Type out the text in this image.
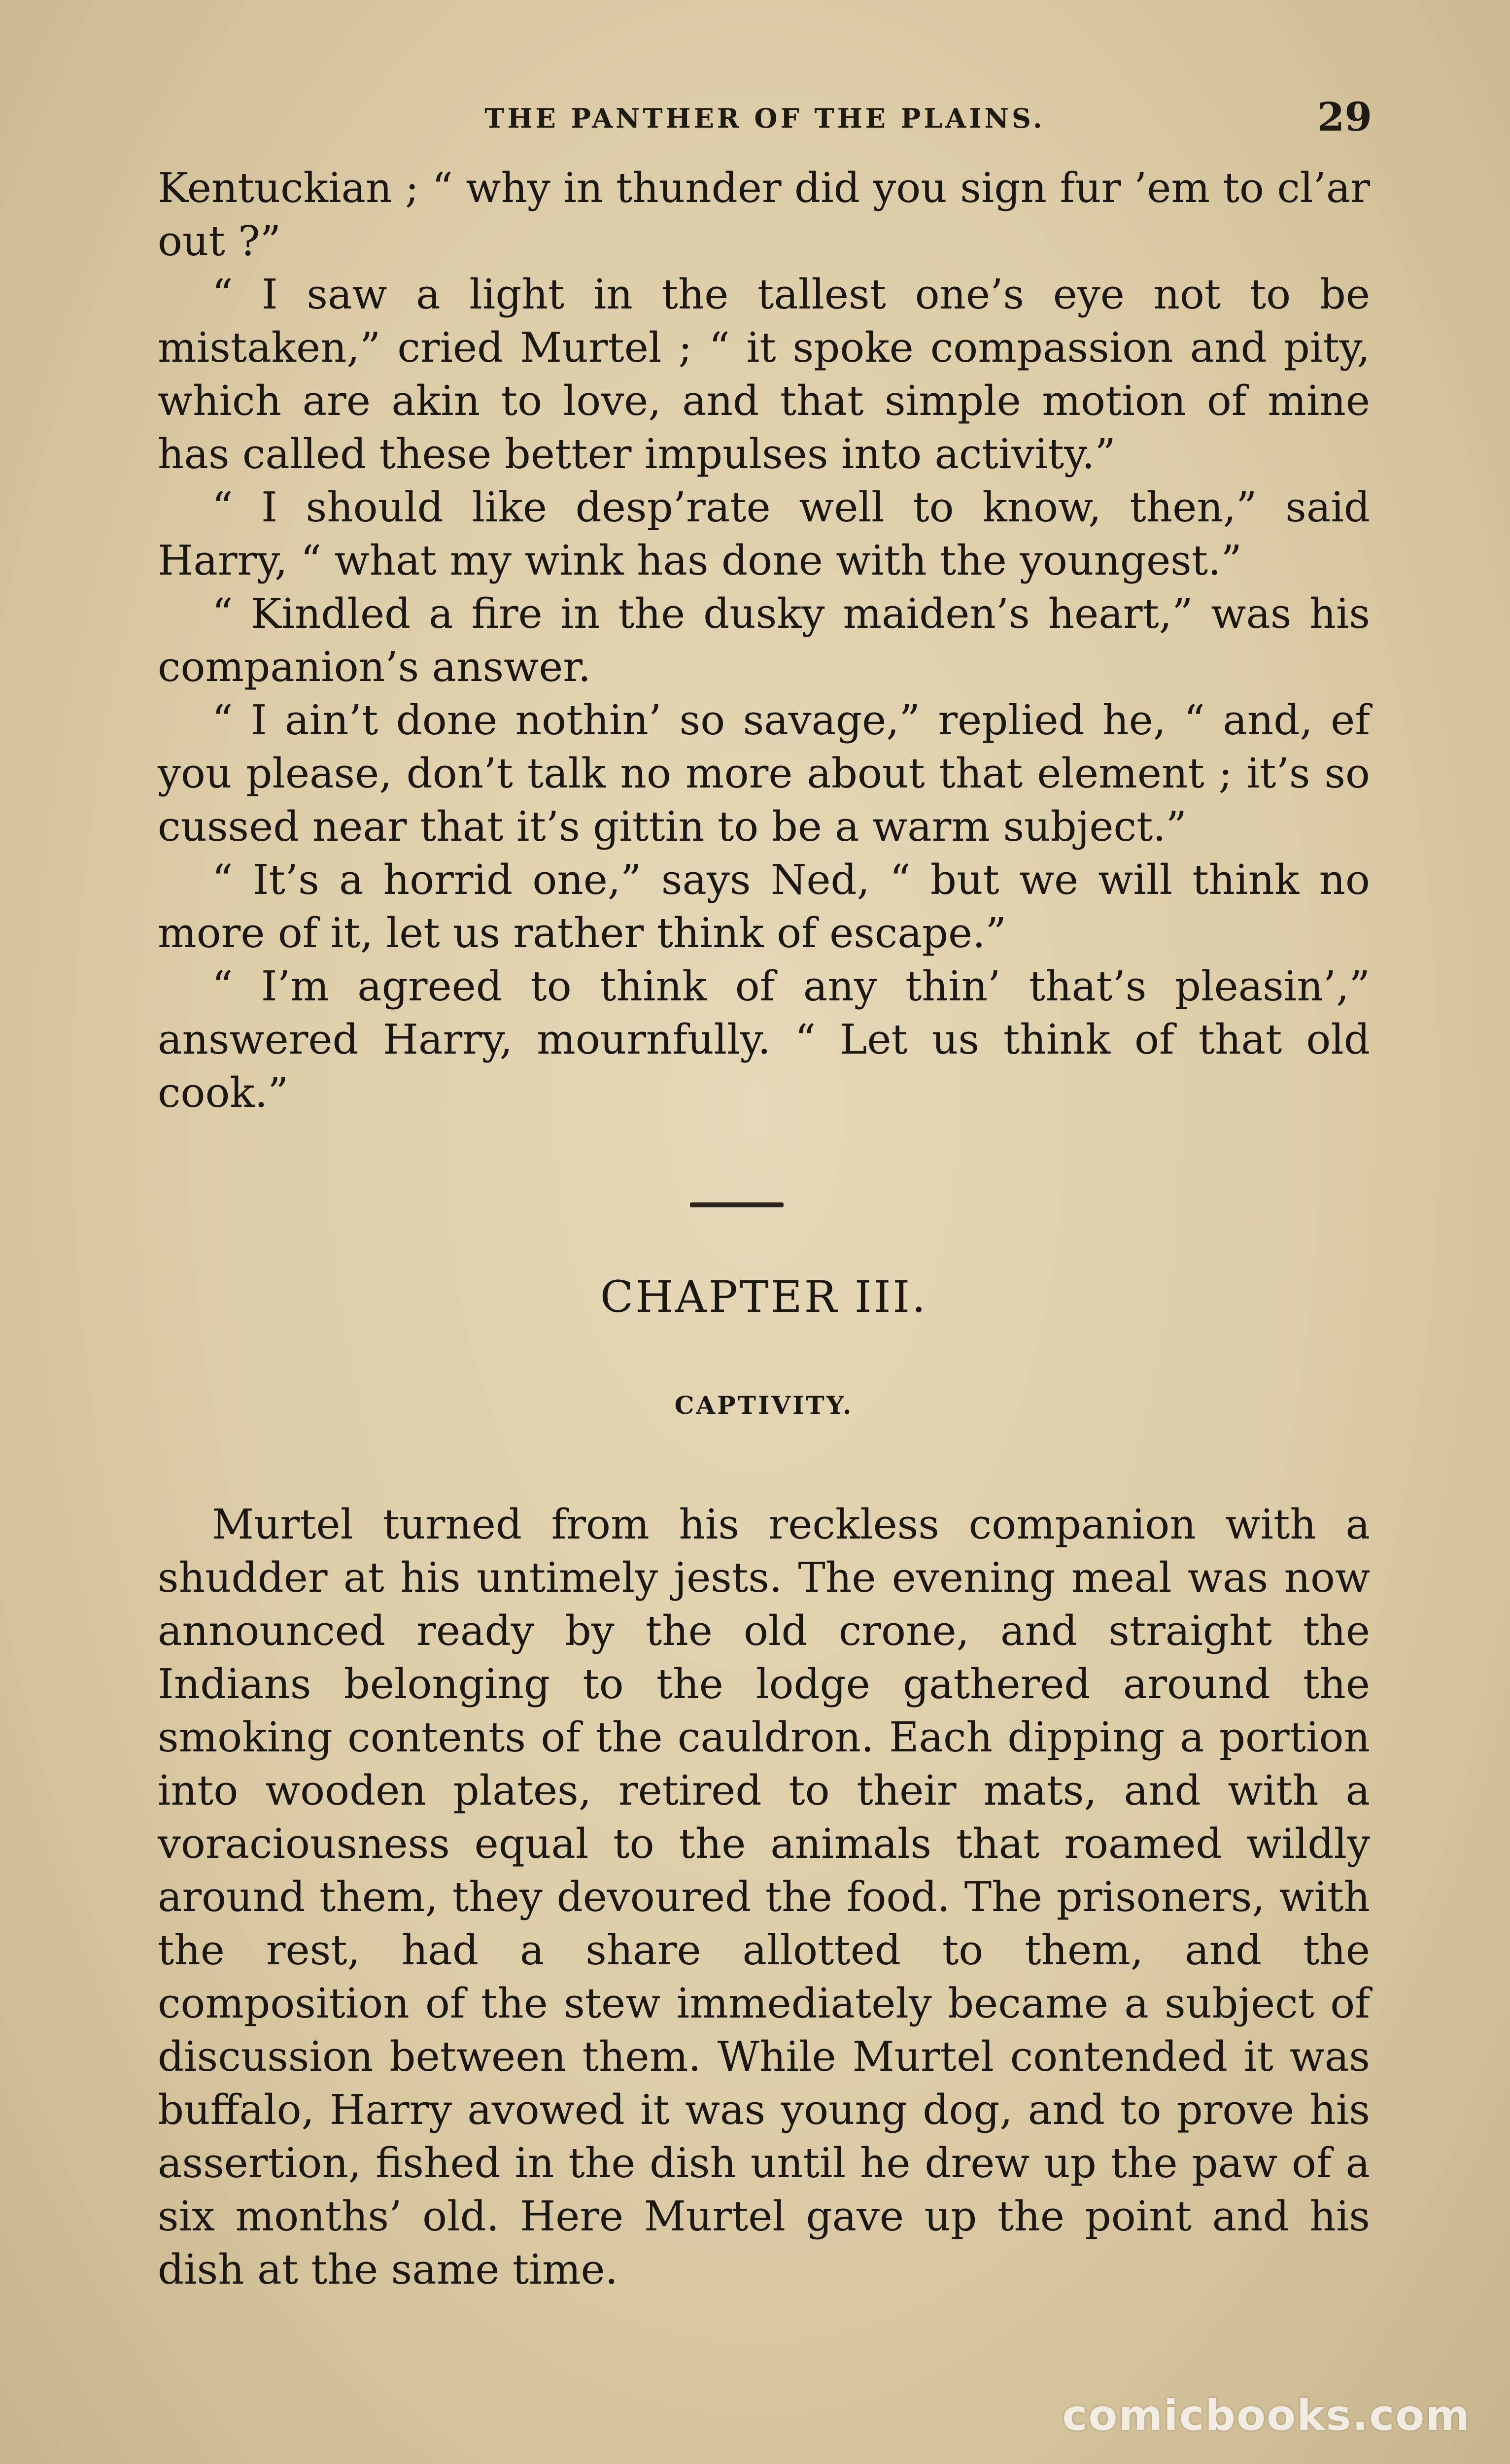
THE PANTHER OF THE PLAINS.	29

Kentuckian ; “ why in thunder did you sign fur ’em to cl’ar out ?”

“ I saw a light in the tallest one’s eye not to be mistaken,” cried Murtel ; “ it spoke compassion and pity, which are akin to love, and that simple motion of mine has called these better impulses into activity.”

“ I should like desp’rate well to know, then,” said Harry, “ what my wink has done with the youngest.”

“ Kindled a fire in the dusky maiden’s heart,” was his companion’s answer.

“ I ain’t done nothin’ so savage,” replied he, “ and, ef you please, don’t talk no more about that element ; it’s so cussed near that it’s gittin to be a warm subject.”

“ It’s a horrid one,” says Ned, “ but we will think no more of it, let us rather think of escape.”

“ I’m agreed to think of any thin’ that’s pleasin’,” answered Harry, mournfully. “ Let us think of that old cook.”

CHAPTER III.
CAPTIVITY.

Murtel turned from his reckless companion with a shudder at his untimely jests. The evening meal was now announced ready by the old crone, and straight the Indians belonging to the lodge gathered around the smoking contents of the cauldron. Each dipping a portion into wooden plates, retired to their mats, and with a voraciousness equal to the animals that roamed wildly around them, they devoured the food. The prisoners, with the rest, had a share allotted to them, and the composition of the stew immediately became a subject of discussion between them. While Murtel contended it was buffalo, Harry avowed it was young dog, and to prove his assertion, fished in the dish until he drew up the paw of a six months’ old. Here Murtel gave up the point and his dish at the same time.

comicbooks.com
